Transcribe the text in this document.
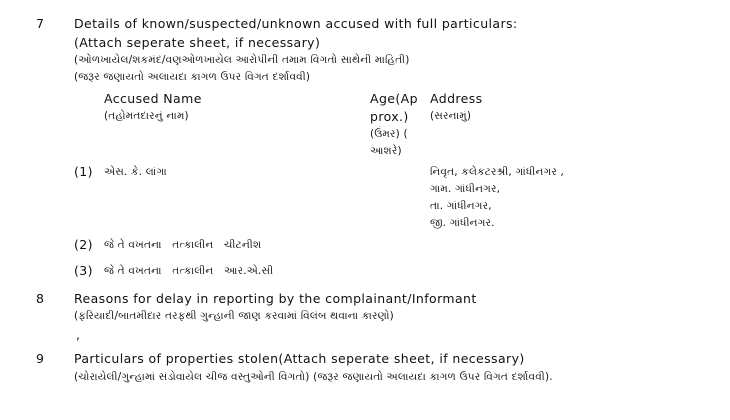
7 Details of known/suspected/unknown accused with full particulars:
(Attach seperate sheet, if necessary)
(ઓળખાયેલ/શકમંદ/વણઓળખાયેલ આરોપીની તમામ વિગતો સાથેની માહિતી)
(જરૂર જણાયતો અલાયદા કાગળ ઉપર વિગત દર્શાવવી)
Accused Name
(તહોમતદારનું નામ)
Age(Ap
prox.)
(ઉંમર) (
આશરે)
Address
(સરનામું)
(1) એસ. કે. લાંગા	નિવૃત, કલેકટરશ્રી, ગાંધીનગર ,
ગામ. ગાંધીનગર,
તા. ગાંધીનગર,
જી. ગાંધીનગર.
(2) જે તે વખતના   તત્કાલીન   ચીટનીશ
(3) જે તે વખતના   તત્કાલીન   આર.એ.સી
8 Reasons for delay in reporting by the complainant/Informant
(ફરિયાદી/બાતમીદાર તરફથી ગુન્હાની જાણ કરવામાં વિલંબ થવાના કારણો)
,
9 Particulars of properties stolen(Attach seperate sheet, if necessary)
(ચોરાયેલી/ગુન્હામાં સંડોવાયેલ ચીજ વસ્તુઓની વિગતો) (જરૂર જણાયતો અલાયદા કાગળ ઉપર વિગત દર્શાવવી).
